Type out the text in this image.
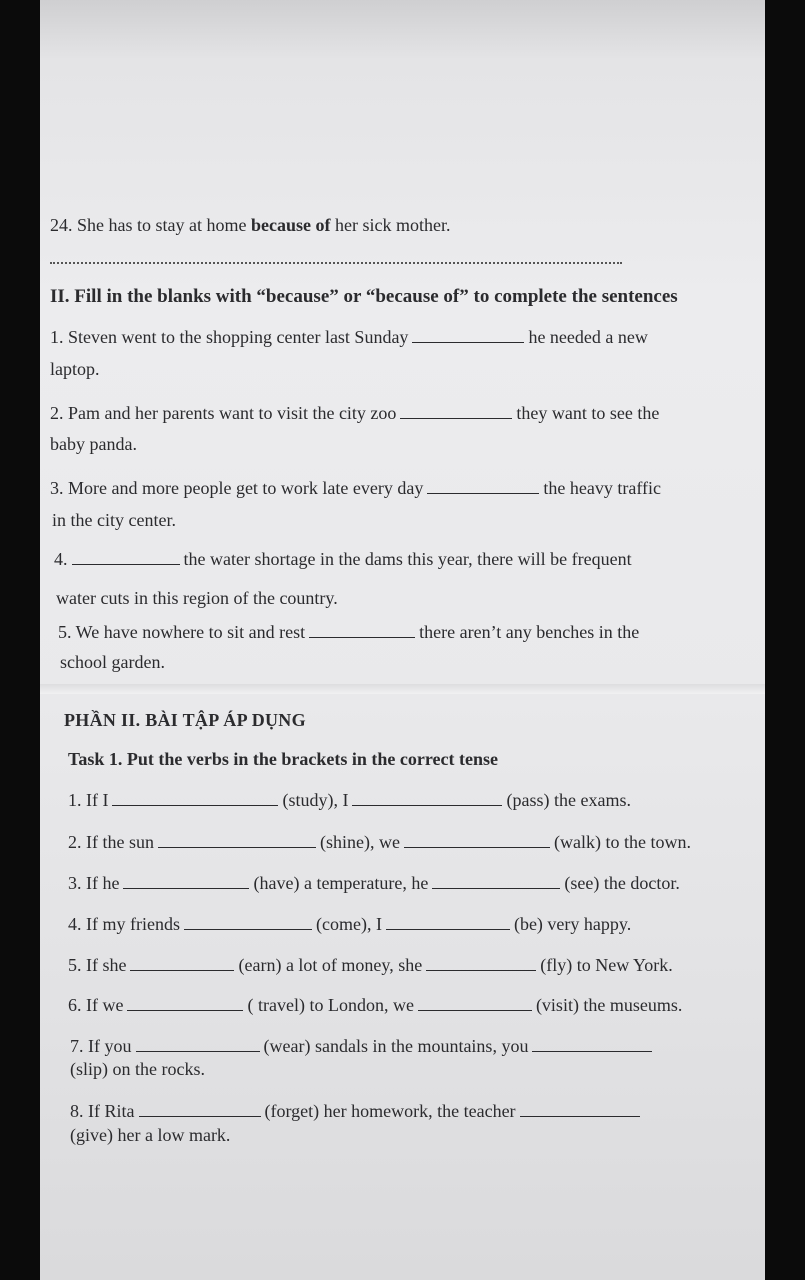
24. She has to stay at home because of her sick mother.
II. Fill in the blanks with “because” or “because of” to complete the sentences
1. Steven went to the shopping center last Sunday	he needed a new
laptop.
2. Pam and her parents want to visit the city zoo	they want to see the
baby panda.
3. More and more people get to work late every day	the heavy traffic
in the city center.
4.	the water shortage in the dams this year, there will be frequent
water cuts in this region of the country.
5. We have nowhere to sit and rest	there aren’t any benches in the
school garden.
PHẦN II. BÀI TẬP ÁP DỤNG
Task 1. Put the verbs in the brackets in the correct tense
1. If I	(study), I	(pass) the exams.
2. If the sun	(shine), we	(walk) to the town.
3. If he	(have) a temperature, he	(see) the doctor.
4. If my friends	(come), I	(be) very happy.
5. If she	(earn) a lot of money, she	(fly) to New York.
6. If we	( travel) to London, we	(visit) the museums.
7. If you	(wear) sandals in the mountains, you
(slip) on the rocks.
8. If Rita	(forget) her homework, the teacher
(give) her a low mark.
